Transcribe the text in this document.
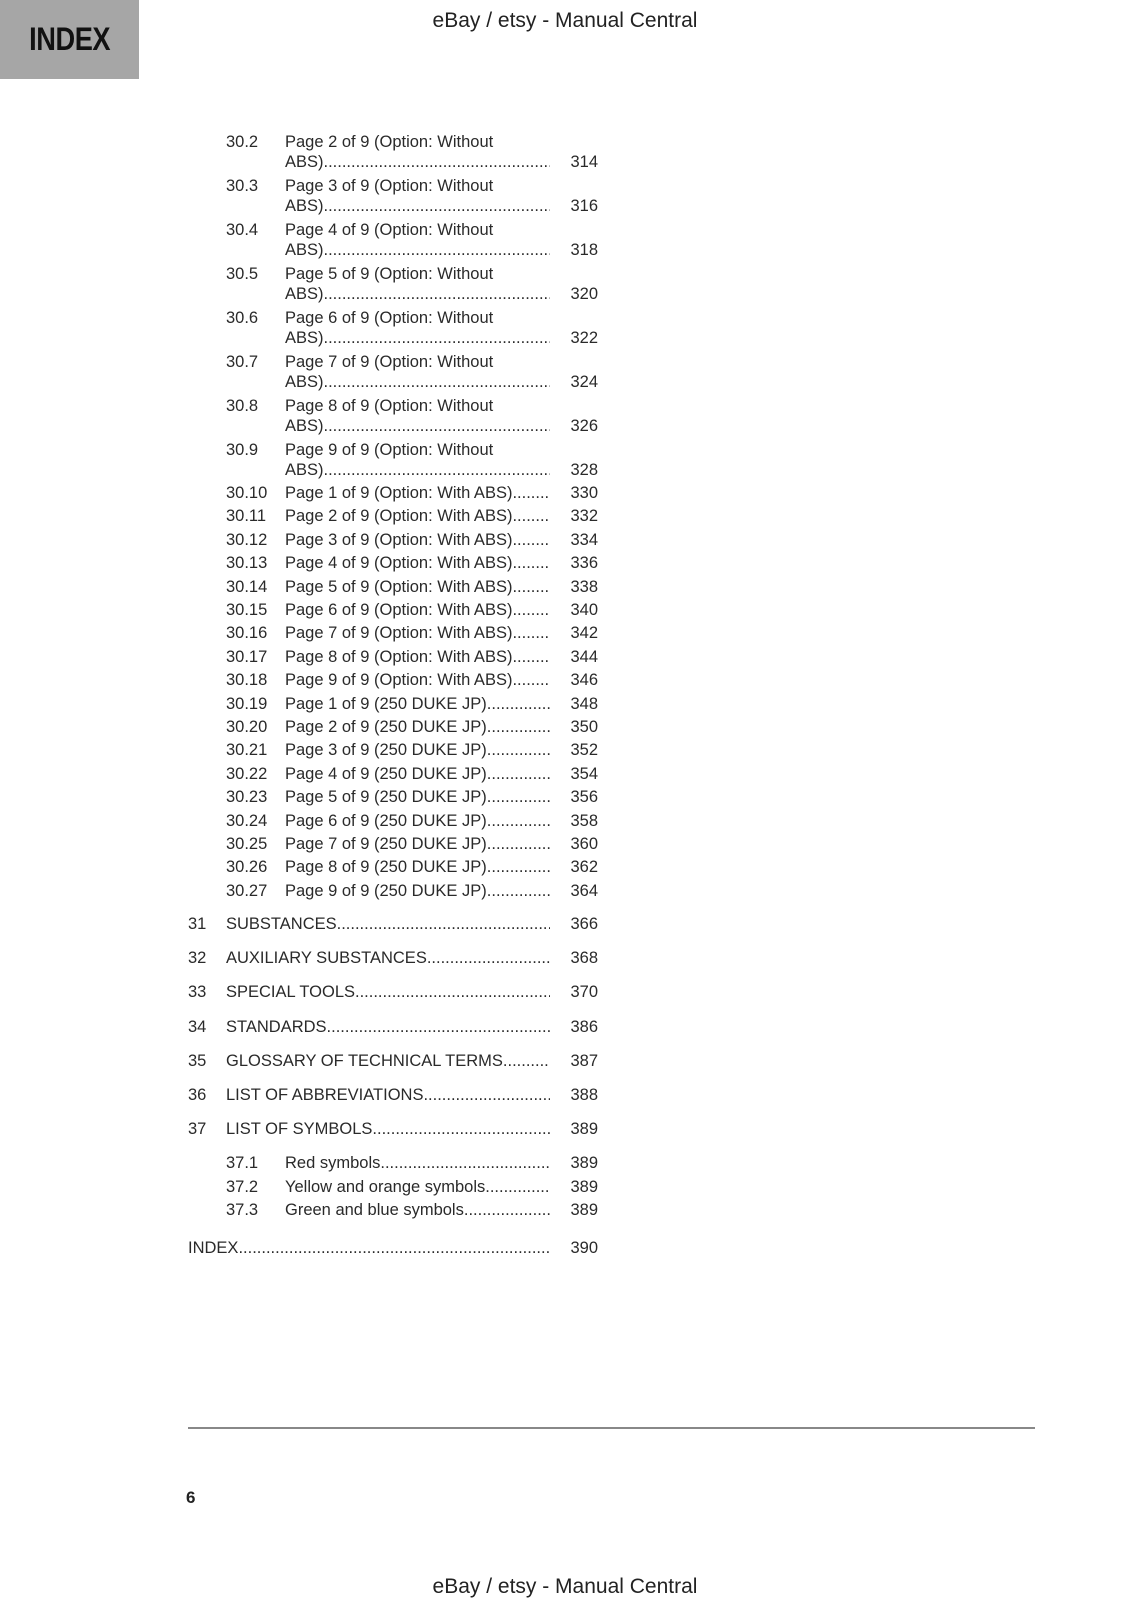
INDEX
eBay / etsy - Manual Central
30.2 Page 2 of 9 (Option: Without
ABS) .....	314
30.3 Page 3 of 9 (Option: Without
ABS) .....	316
30.4 Page 4 of 9 (Option: Without
ABS) .....	318
30.5 Page 5 of 9 (Option: Without
ABS) .....	320
30.6 Page 6 of 9 (Option: Without
ABS) .....	322
30.7 Page 7 of 9 (Option: Without
ABS) .....	324
30.8 Page 8 of 9 (Option: Without
ABS) .....	326
30.9 Page 9 of 9 (Option: Without
ABS) .....	328
30.10 Page 1 of 9 (Option: With ABS) .....	330
30.11 Page 2 of 9 (Option: With ABS) .....	332
30.12 Page 3 of 9 (Option: With ABS) .....	334
30.13 Page 4 of 9 (Option: With ABS) .....	336
30.14 Page 5 of 9 (Option: With ABS) .....	338
30.15 Page 6 of 9 (Option: With ABS) .....	340
30.16 Page 7 of 9 (Option: With ABS) .....	342
30.17 Page 8 of 9 (Option: With ABS) .....	344
30.18 Page 9 of 9 (Option: With ABS) .....	346
30.19 Page 1 of 9 (250 DUKE JP) .....	348
30.20 Page 2 of 9 (250 DUKE JP) .....	350
30.21 Page 3 of 9 (250 DUKE JP) .....	352
30.22 Page 4 of 9 (250 DUKE JP) .....	354
30.23 Page 5 of 9 (250 DUKE JP) .....	356
30.24 Page 6 of 9 (250 DUKE JP) .....	358
30.25 Page 7 of 9 (250 DUKE JP) .....	360
30.26 Page 8 of 9 (250 DUKE JP) .....	362
30.27 Page 9 of 9 (250 DUKE JP) .....	364
31 SUBSTANCES .....	366
32 AUXILIARY SUBSTANCES .....	368
33 SPECIAL TOOLS .....	370
34 STANDARDS .....	386
35 GLOSSARY OF TECHNICAL TERMS .....	387
36 LIST OF ABBREVIATIONS .....	388
37 LIST OF SYMBOLS .....	389
37.1 Red symbols .....	389
37.2 Yellow and orange symbols .....	389
37.3 Green and blue symbols .....	389
INDEX .....	390
6
eBay / etsy - Manual Central
